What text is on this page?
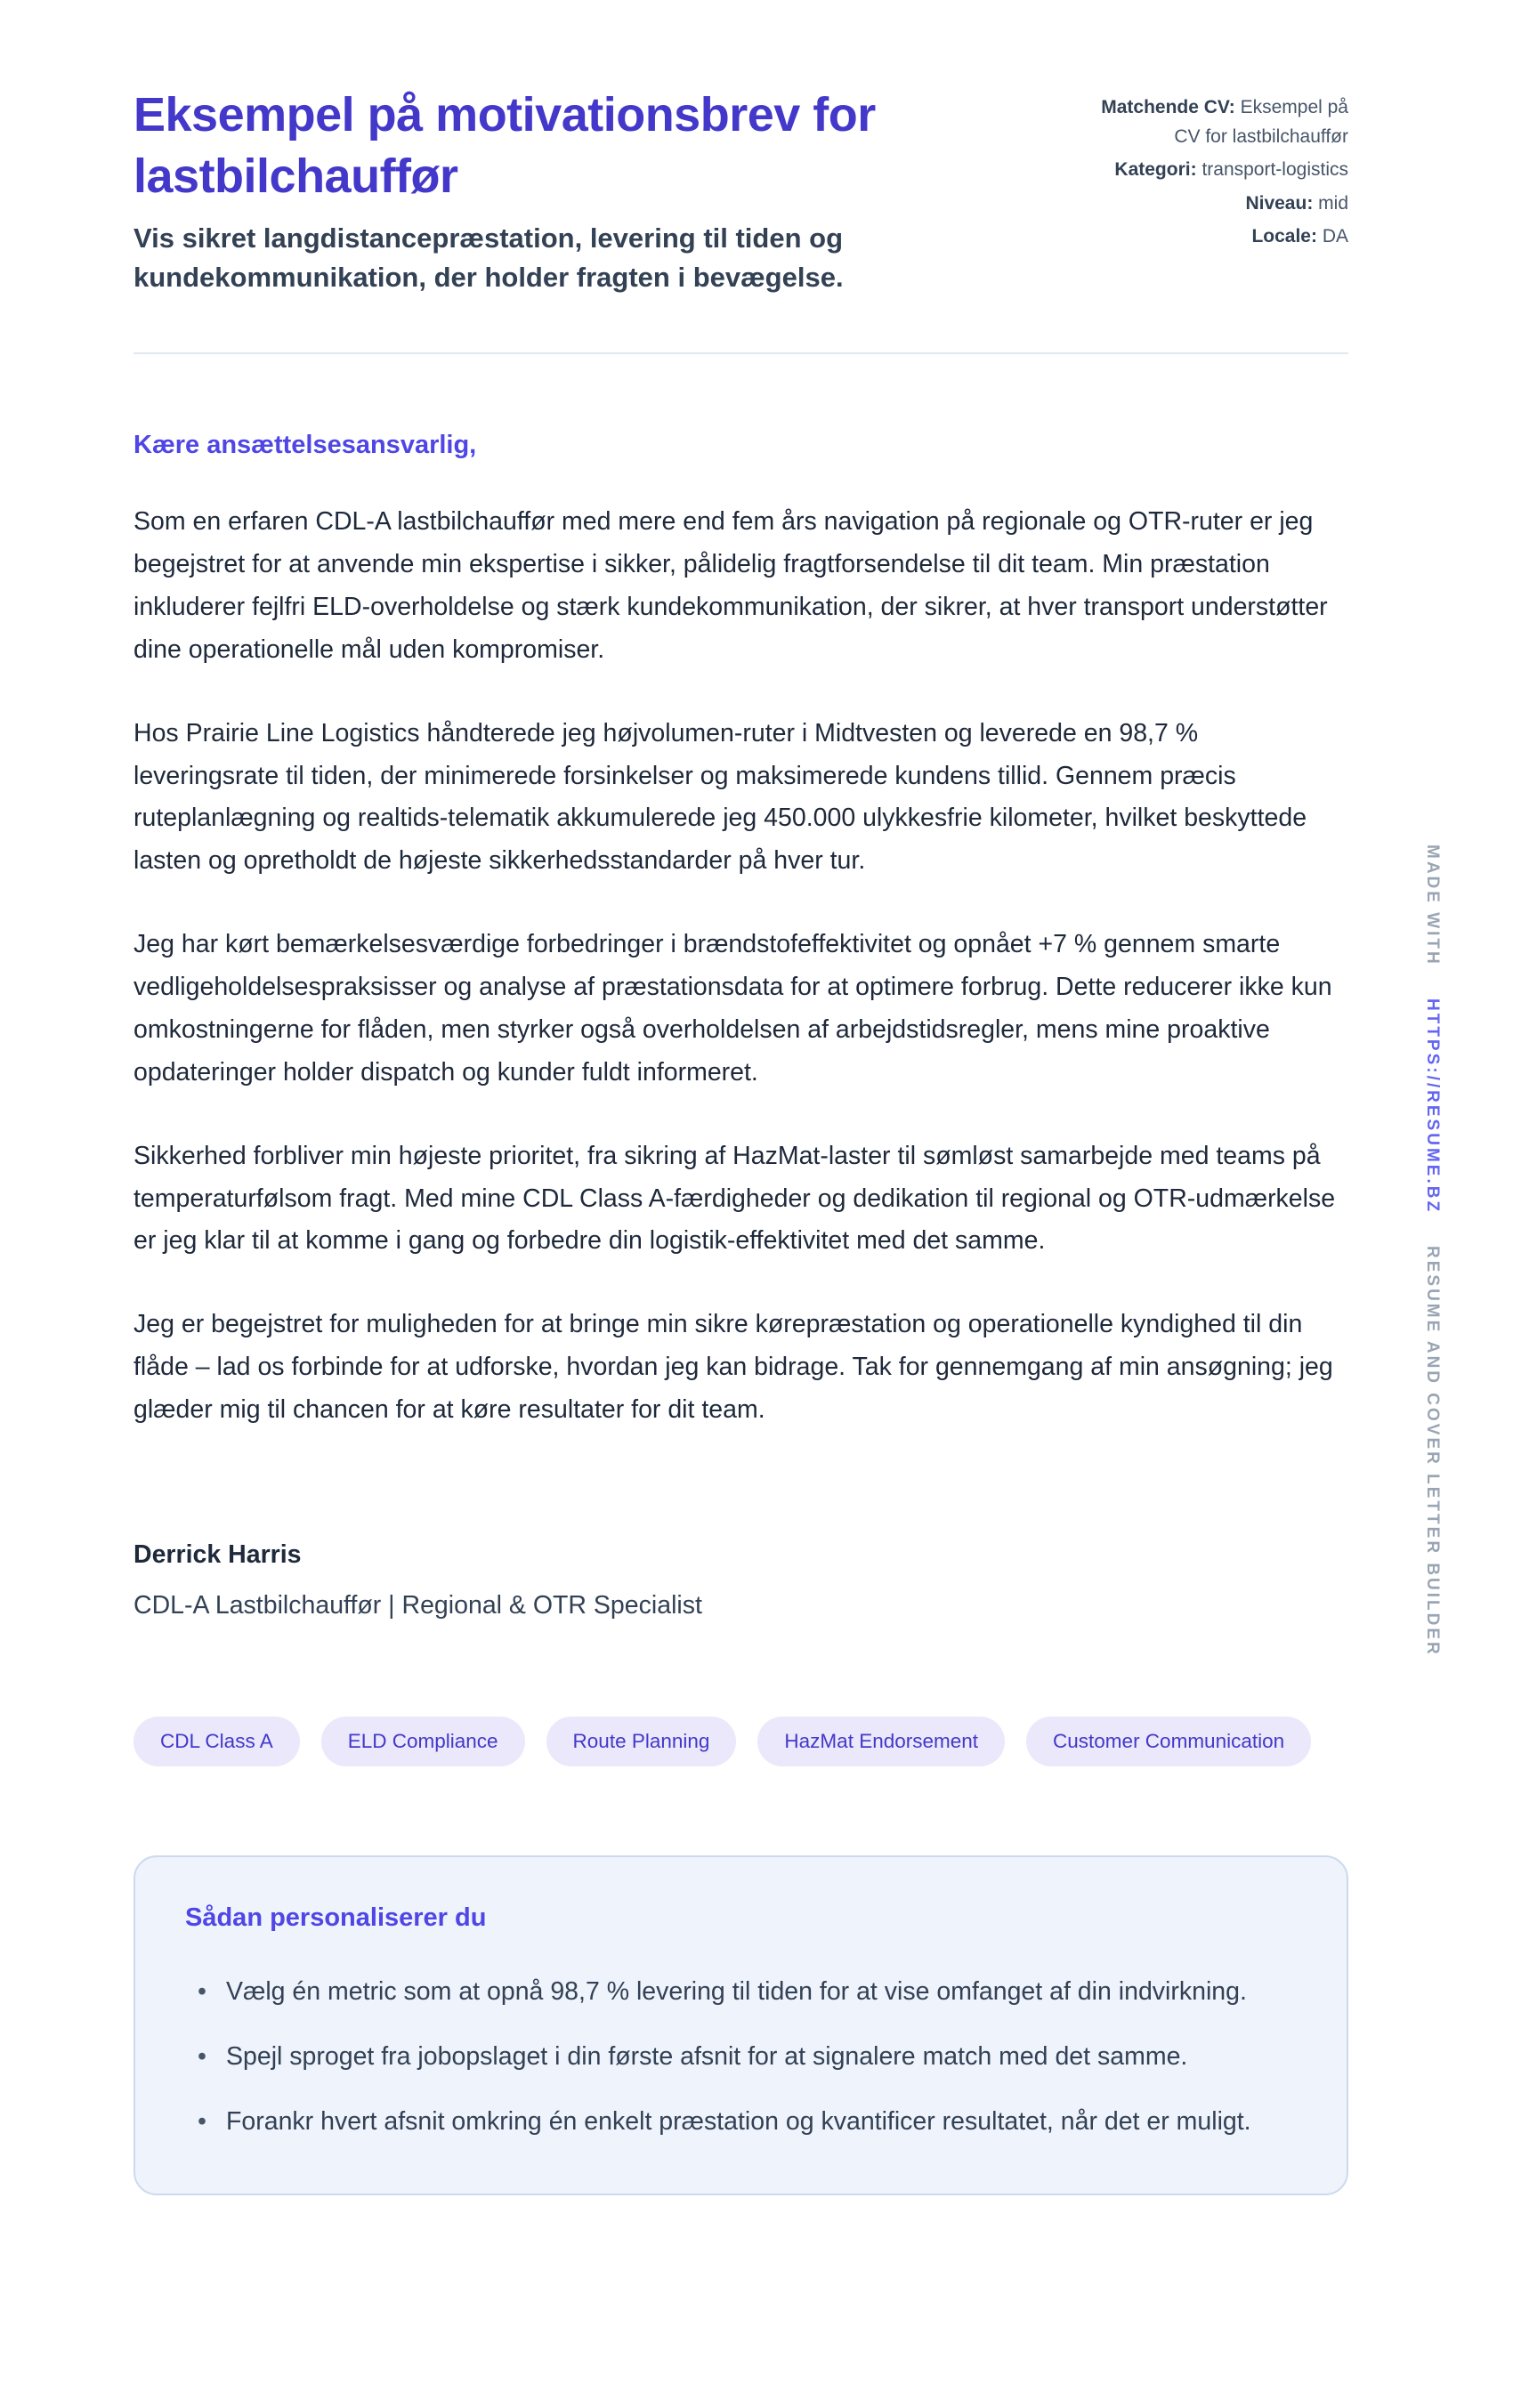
Eksempel på motivationsbrev for lastbilchauffør

Vis sikret langdistancepræstation, levering til tiden og kundekommunikation, der holder fragten i bevægelse.

Matchende CV: Eksempel på CV for lastbilchauffør
Kategori: transport-logistics
Niveau: mid
Locale: DA

Kære ansættelsesansvarlig,

Som en erfaren CDL-A lastbilchauffør med mere end fem års navigation på regionale og OTR-ruter er jeg begejstret for at anvende min ekspertise i sikker, pålidelig fragtforsendelse til dit team. Min præstation inkluderer fejlfri ELD-overholdelse og stærk kundekommunikation, der sikrer, at hver transport understøtter dine operationelle mål uden kompromiser.

Hos Prairie Line Logistics håndterede jeg højvolumen-ruter i Midtvesten og leverede en 98,7 % leveringsrate til tiden, der minimerede forsinkelser og maksimerede kundens tillid. Gennem præcis ruteplanlægning og realtids-telematik akkumulerede jeg 450.000 ulykkesfrie kilometer, hvilket beskyttede lasten og opretholdt de højeste sikkerhedsstandarder på hver tur.

Jeg har kørt bemærkelsesværdige forbedringer i brændstofeffektivitet og opnået +7 % gennem smarte vedligeholdelsespraksisser og analyse af præstationsdata for at optimere forbrug. Dette reducerer ikke kun omkostningerne for flåden, men styrker også overholdelsen af arbejdstidsregler, mens mine proaktive opdateringer holder dispatch og kunder fuldt informeret.

Sikkerhed forbliver min højeste prioritet, fra sikring af HazMat-laster til sømløst samarbejde med teams på temperaturfølsom fragt. Med mine CDL Class A-færdigheder og dedikation til regional og OTR-udmærkelse er jeg klar til at komme i gang og forbedre din logistik-effektivitet med det samme.

Jeg er begejstret for muligheden for at bringe min sikre kørepræstation og operationelle kyndighed til din flåde – lad os forbinde for at udforske, hvordan jeg kan bidrage. Tak for gennemgang af min ansøgning; jeg glæder mig til chancen for at køre resultater for dit team.

Derrick Harris

CDL-A Lastbilchauffør | Regional & OTR Specialist

CDL Class A	ELD Compliance	Route Planning	HazMat Endorsement	Customer Communication
Sådan personaliserer du
•
Vælg én metric som at opnå 98,7 % levering til tiden for at vise omfanget af din indvirkning.
•
Spejl sproget fra jobopslaget i din første afsnit for at signalere match med det samme.
•
Forankr hvert afsnit omkring én enkelt præstation og kvantificer resultatet, når det er muligt.
MADE WITH HTTPS://RESUME.BZ RESUME AND COVER LETTER BUILDER
